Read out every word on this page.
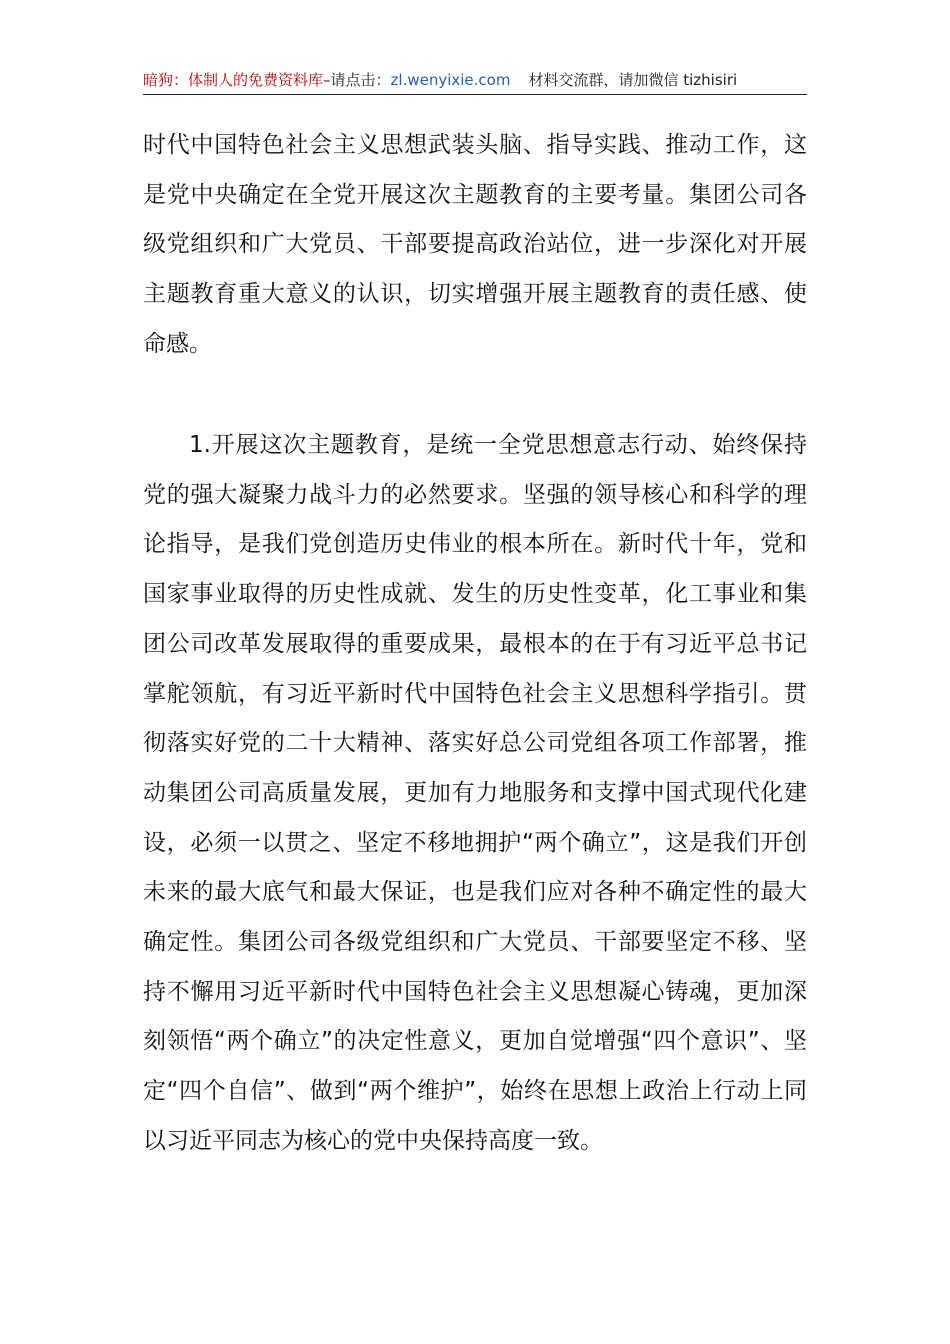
暗狗：体制人的免费资料库–请点击：zl.wenyixie.com 材料交流群，请加微信 tizhisiri

时代中国特色社会主义思想武装头脑、指导实践、推动工作，这是党中央确定在全党开展这次主题教育的主要考量。集团公司各级党组织和广大党员、干部要提高政治站位，进一步深化对开展主题教育重大意义的认识，切实增强开展主题教育的责任感、使命感。

1.开展这次主题教育，是统一全党思想意志行动、始终保持党的强大凝聚力战斗力的必然要求。坚强的领导核心和科学的理论指导，是我们党创造历史伟业的根本所在。新时代十年，党和国家事业取得的历史性成就、发生的历史性变革，化工事业和集团公司改革发展取得的重要成果，最根本的在于有习近平总书记掌舵领航，有习近平新时代中国特色社会主义思想科学指引。贯彻落实好党的二十大精神、落实好总公司党组各项工作部署，推动集团公司高质量发展，更加有力地服务和支撑中国式现代化建设，必须一以贯之、坚定不移地拥护“两个确立”，这是我们开创未来的最大底气和最大保证，也是我们应对各种不确定性的最大确定性。集团公司各级党组织和广大党员、干部要坚定不移、坚持不懈用习近平新时代中国特色社会主义思想凝心铸魂，更加深刻领悟“两个确立”的决定性意义，更加自觉增强“四个意识”、坚定“四个自信”、做到“两个维护”，始终在思想上政治上行动上同以习近平同志为核心的党中央保持高度一致。
